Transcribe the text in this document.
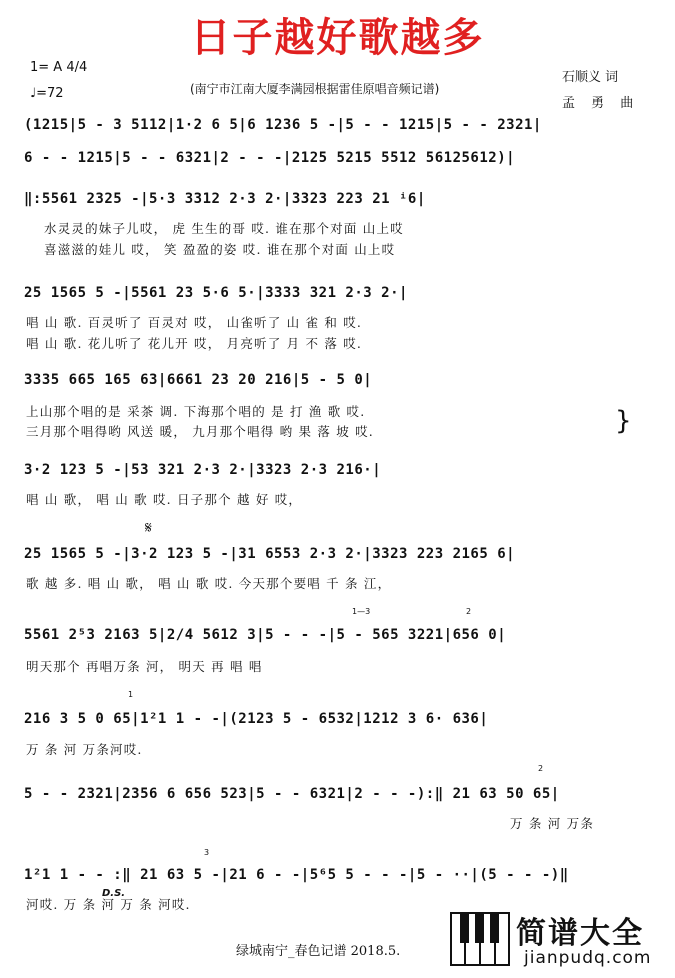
日子越好歌越多
1= A 4/4
♩=72	(南宁市江南大厦李满园根据雷佳原唱音频记谱)
石顺义 词
孟 勇 曲
(1215|5 - 3 5112|1·2 6 5|6 1236 5 -|5 - - 1215|5 - - 2321|
6 - - 1215|5 - - 6321|2 - - -|2125 5215 5512 56125612)|
‖:5561 2325 -|5·3 3312 2·3 2·|3323 223 21 ⁱ6|
水灵灵的妹子儿哎， 虎 生生的哥 哎. 谁在那个对面 山上哎
喜滋滋的娃儿 哎， 笑 盈盈的姿 哎. 谁在那个对面 山上哎
25 1565 5 -|5561 23 5·6 5·|3333 321 2·3 2·|
唱 山 歌. 百灵听了 百灵对 哎， 山雀听了 山 雀 和 哎.
唱 山 歌. 花儿听了 花儿开 哎， 月亮听了 月 不 落 哎.
3335 665 165 63|6661 23 20 216|5 - 5 0|
上山那个唱的是 采茶 调. 下海那个唱的 是 打 渔 歌 哎.
三月那个唱得哟 风送 暖， 九月那个唱得 哟 果 落 坡 哎.	}
3·2 123 5 -|53 321 2·3 2·|3323 2·3 216·|
唱 山 歌， 唱 山 歌 哎. 日子那个 越 好 哎，
𝄋
25 1565 5 -|3·2 123 5 -|31 6553 2·3 2·|3323 223 2165 6|
歌 越 多. 唱 山 歌， 唱 山 歌 哎. 今天那个要唱 千 条 江，
1—3	2
5561 2⁵3 2163 5|2/4 5612 3|5 - - -|5 - 565 3221|656 0|
明天那个 再唱万条 河， 明天 再 唱 唱
1
216 3 5 0 65|1²1 1 - -|(2123 5 - 6532|1212 3 6· 636|
万 条 河 万条河哎.
2
5 - - 2321|2356 6 656 523|5 - - 6321|2 - - -):‖ 21 63 50 65|
万 条 河 万条
3
1²1 1 - - :‖ 21 63 5 -|21 6 - -|5⁶5 5 - - -|5 - ··|(5 - - -)‖
D.S.
河哎. 万 条 河 万 条 河哎.
绿城南宁_春色记谱 2018.5.
简谱大全
jianpudq.com
